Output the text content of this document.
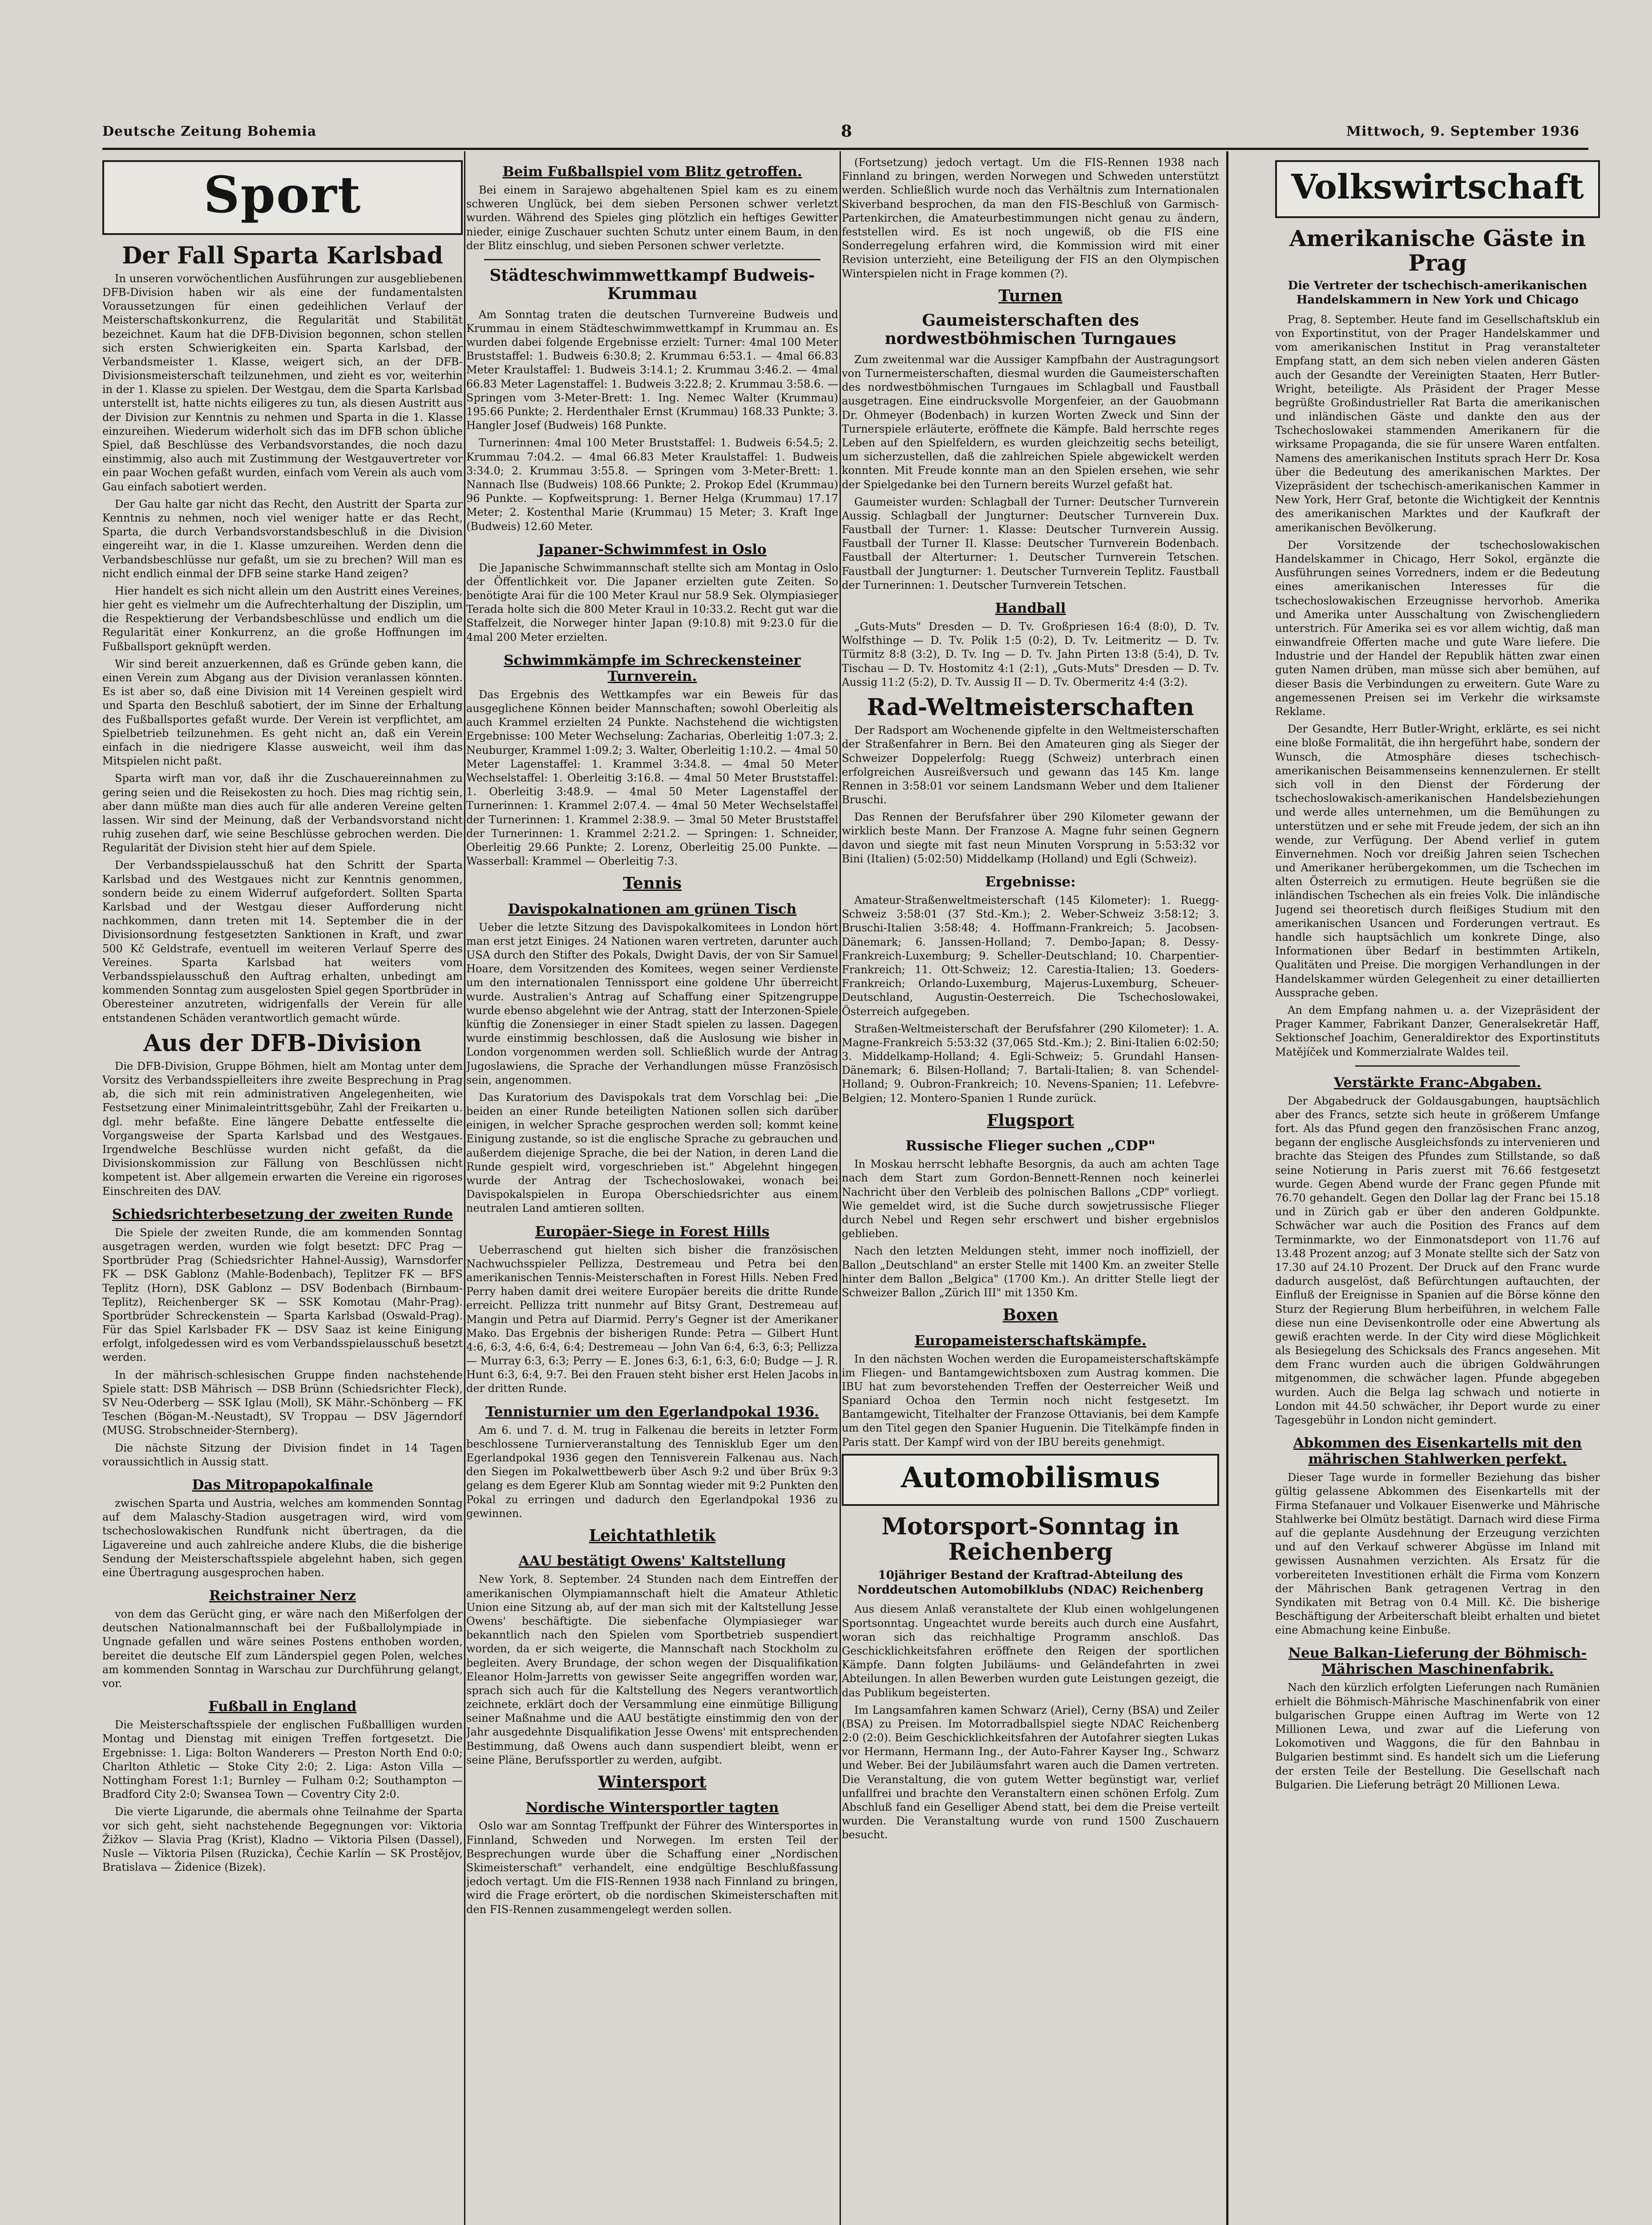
Deutsche Zeitung Bohemia	8	Mittwoch, 9. September 1936
Sport
Der Fall Sparta Karlsbad

In unseren vorwöchentlichen Ausführungen zur ausgebliebenen DFB-Division haben wir als eine der fundamentalsten Voraussetzungen für einen gedeihlichen Verlauf der Meisterschaftskonkurrenz, die Regularität und Stabilität bezeichnet. Kaum hat die DFB-Division begonnen, schon stellen sich ersten Schwierigkeiten ein. Sparta Karlsbad, der Verbandsmeister 1. Klasse, weigert sich, an der DFB-Divisionsmeisterschaft teilzunehmen, und zieht es vor, weiterhin in der 1. Klasse zu spielen. Der Westgau, dem die Sparta Karlsbad unterstellt ist, hatte nichts eiligeres zu tun, als diesen Austritt aus der Division zur Kenntnis zu nehmen und Sparta in die 1. Klasse einzureihen. Wiederum widerholt sich das im DFB schon übliche Spiel, daß Beschlüsse des Verbandsvorstandes, die noch dazu einstimmig, also auch mit Zustimmung der Westgauvertreter vor ein paar Wochen gefaßt wurden, einfach vom Verein als auch vom Gau einfach sabotiert werden.

Der Gau halte gar nicht das Recht, den Austritt der Sparta zur Kenntnis zu nehmen, noch viel weniger hatte er das Recht, Sparta, die durch Verbandsvorstandsbeschluß in die Division eingereiht war, in die 1. Klasse umzureihen. Werden denn die Verbandsbeschlüsse nur gefaßt, um sie zu brechen? Will man es nicht endlich einmal der DFB seine starke Hand zeigen?

Hier handelt es sich nicht allein um den Austritt eines Vereines, hier geht es vielmehr um die Aufrechterhaltung der Disziplin, um die Respektierung der Verbandsbeschlüsse und endlich um die Regularität einer Konkurrenz, an die große Hoffnungen im Fußballsport geknüpft werden.

Wir sind bereit anzuerkennen, daß es Gründe geben kann, die einen Verein zum Abgang aus der Division veranlassen könnten. Es ist aber so, daß eine Division mit 14 Vereinen gespielt wird und Sparta den Beschluß sabotiert, der im Sinne der Erhaltung des Fußballsportes gefaßt wurde. Der Verein ist verpflichtet, am Spielbetrieb teilzunehmen. Es geht nicht an, daß ein Verein einfach in die niedrigere Klasse ausweicht, weil ihm das Mitspielen nicht paßt.

Sparta wirft man vor, daß ihr die Zuschauereinnahmen zu gering seien und die Reisekosten zu hoch. Dies mag richtig sein, aber dann müßte man dies auch für alle anderen Vereine gelten lassen. Wir sind der Meinung, daß der Verbandsvorstand nicht ruhig zusehen darf, wie seine Beschlüsse gebrochen werden. Die Regularität der Division steht hier auf dem Spiele.

Der Verbandsspielausschuß hat den Schritt der Sparta Karlsbad und des Westgaues nicht zur Kenntnis genommen, sondern beide zu einem Widerruf aufgefordert. Sollten Sparta Karlsbad und der Westgau dieser Aufforderung nicht nachkommen, dann treten mit 14. September die in der Divisionsordnung festgesetzten Sanktionen in Kraft, und zwar 500 Kč Geldstrafe, eventuell im weiteren Verlauf Sperre des Vereines. Sparta Karlsbad hat weiters vom Verbandsspielausschuß den Auftrag erhalten, unbedingt am kommenden Sonntag zum ausgelosten Spiel gegen Sportbrüder in Oberesteiner anzutreten, widrigenfalls der Verein für alle entstandenen Schäden verantwortlich gemacht würde.

Aus der DFB-Division

Die DFB-Division, Gruppe Böhmen, hielt am Montag unter dem Vorsitz des Verbandsspielleiters ihre zweite Besprechung in Prag ab, die sich mit rein administrativen Angelegenheiten, wie Festsetzung einer Minimaleintrittsgebühr, Zahl der Freikarten u. dgl. mehr befaßte. Eine längere Debatte entfesselte die Vorgangsweise der Sparta Karlsbad und des Westgaues. Irgendwelche Beschlüsse wurden nicht gefaßt, da die Divisionskommission zur Fällung von Beschlüssen nicht kompetent ist. Aber allgemein erwarten die Vereine ein rigoroses Einschreiten des DAV.

Schiedsrichterbesetzung der zweiten Runde

Die Spiele der zweiten Runde, die am kommenden Sonntag ausgetragen werden, wurden wie folgt besetzt: DFC Prag — Sportbrüder Prag (Schiedsrichter Hahnel-Aussig), Warnsdorfer FK — DSK Gablonz (Mahle-Bodenbach), Teplitzer FK — BFS Teplitz (Horn), DSK Gablonz — DSV Bodenbach (Birnbaum-Teplitz), Reichenberger SK — SSK Komotau (Mahr-Prag). Sportbrüder Schreckenstein — Sparta Karlsbad (Oswald-Prag). Für das Spiel Karlsbader FK — DSV Saaz ist keine Einigung erfolgt, infolgedessen wird es vom Verbandsspielausschuß besetzt werden.

In der mährisch-schlesischen Gruppe finden nachstehende Spiele statt: DSB Mährisch — DSB Brünn (Schiedsrichter Fleck), SV Neu-Oderberg — SSK Iglau (Moll), SK Mähr.-Schönberg — FK Teschen (Bögan-M.-Neustadt), SV Troppau — DSV Jägerndorf (MUSG. Strobschneider-Sternberg).

Die nächste Sitzung der Division findet in 14 Tagen voraussichtlich in Aussig statt.

Das Mitropapokalfinale

zwischen Sparta und Austria, welches am kommenden Sonntag auf dem Malaschy-Stadion ausgetragen wird, wird vom tschechoslowakischen Rundfunk nicht übertragen, da die Ligavereine und auch zahlreiche andere Klubs, die die bisherige Sendung der Meisterschaftsspiele abgelehnt haben, sich gegen eine Übertragung ausgesprochen haben.

Reichstrainer Nerz

von dem das Gerücht ging, er wäre nach den Mißerfolgen der deutschen Nationalmannschaft bei der Fußballolympiade in Ungnade gefallen und wäre seines Postens enthoben worden, bereitet die deutsche Elf zum Länderspiel gegen Polen, welches am kommenden Sonntag in Warschau zur Durchführung gelangt, vor.

Fußball in England

Die Meisterschaftsspiele der englischen Fußballligen wurden Montag und Dienstag mit einigen Treffen fortgesetzt. Die Ergebnisse: 1. Liga: Bolton Wanderers — Preston North End 0:0; Charlton Athletic — Stoke City 2:0; 2. Liga: Aston Villa — Nottingham Forest 1:1; Burnley — Fulham 0:2; Southampton — Bradford City 2:0; Swansea Town — Coventry City 2:0.

Die vierte Ligarunde, die abermals ohne Teilnahme der Sparta vor sich geht, sieht nachstehende Begegnungen vor: Viktoria Žižkov — Slavia Prag (Krist), Kladno — Viktoria Pilsen (Dassel), Nusle — Viktoria Pilsen (Ruzicka), Čechie Karlín — SK Prostějov, Bratislava — Židenice (Bizek).

Beim Fußballspiel vom Blitz getroffen.

Bei einem in Sarajewo abgehaltenen Spiel kam es zu einem schweren Unglück, bei dem sieben Personen schwer verletzt wurden. Während des Spieles ging plötzlich ein heftiges Gewitter nieder, einige Zuschauer suchten Schutz unter einem Baum, in den der Blitz einschlug, und sieben Personen schwer verletzte.

Städteschwimmwettkampf Budweis-Krummau

Am Sonntag traten die deutschen Turnvereine Budweis und Krummau in einem Städteschwimmwettkampf in Krummau an. Es wurden dabei folgende Ergebnisse erzielt: Turner: 4mal 100 Meter Bruststaffel: 1. Budweis 6:30.8; 2. Krummau 6:53.1. — 4mal 66.83 Meter Kraulstaffel: 1. Budweis 3:14.1; 2. Krummau 3:46.2. — 4mal 66.83 Meter Lagenstaffel: 1. Budweis 3:22.8; 2. Krummau 3:58.6. — Springen vom 3-Meter-Brett: 1. Ing. Nemec Walter (Krummau) 195.66 Punkte; 2. Herdenthaler Ernst (Krummau) 168.33 Punkte; 3. Hangler Josef (Budweis) 168 Punkte.

Turnerinnen: 4mal 100 Meter Bruststaffel: 1. Budweis 6:54.5; 2. Krummau 7:04.2. — 4mal 66.83 Meter Kraulstaffel: 1. Budweis 3:34.0; 2. Krummau 3:55.8. — Springen vom 3-Meter-Brett: 1. Nannach Ilse (Budweis) 108.66 Punkte; 2. Prokop Edel (Krummau) 96 Punkte. — Kopfweitsprung: 1. Berner Helga (Krummau) 17.17 Meter; 2. Kostenthal Marie (Krummau) 15 Meter; 3. Kraft Inge (Budweis) 12.60 Meter.

Japaner-Schwimmfest in Oslo

Die Japanische Schwimmannschaft stellte sich am Montag in Oslo der Öffentlichkeit vor. Die Japaner erzielten gute Zeiten. So benötigte Arai für die 100 Meter Kraul nur 58.9 Sek. Olympiasieger Terada holte sich die 800 Meter Kraul in 10:33.2. Recht gut war die Staffelzeit, die Norweger hinter Japan (9:10.8) mit 9:23.0 für die 4mal 200 Meter erzielten.

Schwimmkämpfe im Schreckensteiner Turnverein.

Das Ergebnis des Wettkampfes war ein Beweis für das ausgeglichene Können beider Mannschaften; sowohl Oberleitig als auch Krammel erzielten 24 Punkte. Nachstehend die wichtigsten Ergebnisse: 100 Meter Wechselung: Zacharias, Oberleitig 1:07.3; 2. Neuburger, Krammel 1:09.2; 3. Walter, Oberleitig 1:10.2. — 4mal 50 Meter Lagenstaffel: 1. Krammel 3:34.8. — 4mal 50 Meter Wechselstaffel: 1. Oberleitig 3:16.8. — 4mal 50 Meter Bruststaffel: 1. Oberleitig 3:48.9. — 4mal 50 Meter Lagenstaffel der Turnerinnen: 1. Krammel 2:07.4. — 4mal 50 Meter Wechselstaffel der Turnerinnen: 1. Krammel 2:38.9. — 3mal 50 Meter Bruststaffel der Turnerinnen: 1. Krammel 2:21.2. — Springen: 1. Schneider, Oberleitig 29.66 Punkte; 2. Lorenz, Oberleitig 25.00 Punkte. — Wasserball: Krammel — Oberleitig 7:3.

Tennis
Davispokalnationen am grünen Tisch

Ueber die letzte Sitzung des Davispokalkomitees in London hört man erst jetzt Einiges. 24 Nationen waren vertreten, darunter auch USA durch den Stifter des Pokals, Dwight Davis, der von Sir Samuel Hoare, dem Vorsitzenden des Komitees, wegen seiner Verdienste um den internationalen Tennissport eine goldene Uhr überreicht wurde. Australien's Antrag auf Schaffung einer Spitzengruppe wurde ebenso abgelehnt wie der Antrag, statt der Interzonen-Spiele künftig die Zonensieger in einer Stadt spielen zu lassen. Dagegen wurde einstimmig beschlossen, daß die Auslosung wie bisher in London vorgenommen werden soll. Schließlich wurde der Antrag Jugoslawiens, die Sprache der Verhandlungen müsse Französisch sein, angenommen.

Das Kuratorium des Davispokals trat dem Vorschlag bei: „Die beiden an einer Runde beteiligten Nationen sollen sich darüber einigen, in welcher Sprache gesprochen werden soll; kommt keine Einigung zustande, so ist die englische Sprache zu gebrauchen und außerdem diejenige Sprache, die bei der Nation, in deren Land die Runde gespielt wird, vorgeschrieben ist." Abgelehnt hingegen wurde der Antrag der Tschechoslowakei, wonach bei Davispokalspielen in Europa Oberschiedsrichter aus einem neutralen Land amtieren sollten.

Europäer-Siege in Forest Hills

Ueberraschend gut hielten sich bisher die französischen Nachwuchsspieler Pellizza, Destremeau und Petra bei den amerikanischen Tennis-Meisterschaften in Forest Hills. Neben Fred Perry haben damit drei weitere Europäer bereits die dritte Runde erreicht. Pellizza tritt nunmehr auf Bitsy Grant, Destremeau auf Mangin und Petra auf Diarmid. Perry's Gegner ist der Amerikaner Mako. Das Ergebnis der bisherigen Runde: Petra — Gilbert Hunt 4:6, 6:3, 4:6, 6:4, 6:4; Destremeau — John Van 6:4, 6:3, 6:3; Pellizza — Murray 6:3, 6:3; Perry — E. Jones 6:3, 6:1, 6:3, 6:0; Budge — J. R. Hunt 6:3, 6:4, 9:7. Bei den Frauen steht bisher erst Helen Jacobs in der dritten Runde.

Tennisturnier um den Egerlandpokal 1936.

Am 6. und 7. d. M. trug in Falkenau die bereits in letzter Form beschlossene Turnierveranstaltung des Tennisklub Eger um den Egerlandpokal 1936 gegen den Tennisverein Falkenau aus. Nach den Siegen im Pokalwettbewerb über Asch 9:2 und über Brüx 9:3 gelang es dem Egerer Klub am Sonntag wieder mit 9:2 Punkten den Pokal zu erringen und dadurch den Egerlandpokal 1936 zu gewinnen.

Leichtathletik
AAU bestätigt Owens' Kaltstellung

New York, 8. September. 24 Stunden nach dem Eintreffen der amerikanischen Olympiamannschaft hielt die Amateur Athletic Union eine Sitzung ab, auf der man sich mit der Kaltstellung Jesse Owens' beschäftigte. Die siebenfache Olympiasieger war bekanntlich nach den Spielen vom Sportbetrieb suspendiert worden, da er sich weigerte, die Mannschaft nach Stockholm zu begleiten. Avery Brundage, der schon wegen der Disqualifikation Eleanor Holm-Jarretts von gewisser Seite angegriffen worden war, sprach sich auch für die Kaltstellung des Negers verantwortlich zeichnete, erklärt doch der Versammlung eine einmütige Billigung seiner Maßnahme und die AAU bestätigte einstimmig den von der Jahr ausgedehnte Disqualifikation Jesse Owens' mit entsprechenden Bestimmung, daß Owens auch dann suspendiert bleibt, wenn er seine Pläne, Berufssportler zu werden, aufgibt.

Wintersport
Nordische Wintersportler tagten

Oslo war am Sonntag Treffpunkt der Führer des Wintersportes in Finnland, Schweden und Norwegen. Im ersten Teil der Besprechungen wurde über die Schaffung einer „Nordischen Skimeisterschaft" verhandelt, eine endgültige Beschlußfassung jedoch vertagt. Um die FIS-Rennen 1938 nach Finnland zu bringen, wird die Frage erörtert, ob die nordischen Skimeisterschaften mit den FIS-Rennen zusammengelegt werden sollen.

(Fortsetzung) jedoch vertagt. Um die FIS-Rennen 1938 nach Finnland zu bringen, werden Norwegen und Schweden unterstützt werden. Schließlich wurde noch das Verhältnis zum Internationalen Skiverband besprochen, da man den FIS-Beschluß von Garmisch-Partenkirchen, die Amateurbestimmungen nicht genau zu ändern, feststellen wird. Es ist noch ungewiß, ob die FIS eine Sonderregelung erfahren wird, die Kommission wird mit einer Revision unterzieht, eine Beteiligung der FIS an den Olympischen Winterspielen nicht in Frage kommen (?).

Turnen
Gaumeisterschaften des nordwestböhmischen Turngaues

Zum zweitenmal war die Aussiger Kampfbahn der Austragungsort von Turnermeisterschaften, diesmal wurden die Gaumeisterschaften des nordwestböhmischen Turngaues im Schlagball und Faustball ausgetragen. Eine eindrucksvolle Morgenfeier, an der Gauobmann Dr. Ohmeyer (Bodenbach) in kurzen Worten Zweck und Sinn der Turnerspiele erläuterte, eröffnete die Kämpfe. Bald herrschte reges Leben auf den Spielfeldern, es wurden gleichzeitig sechs beteiligt, um sicherzustellen, daß die zahlreichen Spiele abgewickelt werden konnten. Mit Freude konnte man an den Spielen ersehen, wie sehr der Spielgedanke bei den Turnern bereits Wurzel gefaßt hat.

Gaumeister wurden: Schlagball der Turner: Deutscher Turnverein Aussig. Schlagball der Jungturner: Deutscher Turnverein Dux. Faustball der Turner: 1. Klasse: Deutscher Turnverein Aussig. Faustball der Turner II. Klasse: Deutscher Turnverein Bodenbach. Faustball der Alterturner: 1. Deutscher Turnverein Tetschen. Faustball der Jungturner: 1. Deutscher Turnverein Teplitz. Faustball der Turnerinnen: 1. Deutscher Turnverein Tetschen.

Handball

„Guts-Muts" Dresden — D. Tv. Großpriesen 16:4 (8:0), D. Tv. Wolfsthinge — D. Tv. Polik 1:5 (0:2), D. Tv. Leitmeritz — D. Tv. Türmitz 8:8 (3:2), D. Tv. Ing — D. Tv. Jahn Pirten 13:8 (5:4), D. Tv. Tischau — D. Tv. Hostomitz 4:1 (2:1), „Guts-Muts" Dresden — D. Tv. Aussig 11:2 (5:2), D. Tv. Aussig II — D. Tv. Obermeritz 4:4 (3:2).

Rad-Weltmeisterschaften

Der Radsport am Wochenende gipfelte in den Weltmeisterschaften der Straßenfahrer in Bern. Bei den Amateuren ging als Sieger der Schweizer Doppelerfolg: Ruegg (Schweiz) unterbrach einen erfolgreichen Ausreißversuch und gewann das 145 Km. lange Rennen in 3:58:01 vor seinem Landsmann Weber und dem Italiener Bruschi.

Das Rennen der Berufsfahrer über 290 Kilometer gewann der wirklich beste Mann. Der Franzose A. Magne fuhr seinen Gegnern davon und siegte mit fast neun Minuten Vorsprung in 5:53:32 vor Bini (Italien) (5:02:50) Middelkamp (Holland) und Egli (Schweiz).

Ergebnisse:

Amateur-Straßenweltmeisterschaft (145 Kilometer): 1. Ruegg-Schweiz 3:58:01 (37 Std.-Km.); 2. Weber-Schweiz 3:58:12; 3. Bruschi-Italien 3:58:48; 4. Hoffmann-Frankreich; 5. Jacobsen-Dänemark; 6. Janssen-Holland; 7. Dembo-Japan; 8. Dessy-Frankreich-Luxemburg; 9. Scheller-Deutschland; 10. Charpentier-Frankreich; 11. Ott-Schweiz; 12. Carestia-Italien; 13. Goeders-Frankreich; Orlando-Luxemburg, Majerus-Luxemburg, Scheuer-Deutschland, Augustin-Oesterreich. Die Tschechoslowakei, Österreich aufgegeben.

Straßen-Weltmeisterschaft der Berufsfahrer (290 Kilometer): 1. A. Magne-Frankreich 5:53:32 (37,065 Std.-Km.); 2. Bini-Italien 6:02:50; 3. Middelkamp-Holland; 4. Egli-Schweiz; 5. Grundahl Hansen-Dänemark; 6. Bilsen-Holland; 7. Bartali-Italien; 8. van Schendel-Holland; 9. Oubron-Frankreich; 10. Nevens-Spanien; 11. Lefebvre-Belgien; 12. Montero-Spanien 1 Runde zurück.

Flugsport
Russische Flieger suchen „CDP"

In Moskau herrscht lebhafte Besorgnis, da auch am achten Tage nach dem Start zum Gordon-Bennett-Rennen noch keinerlei Nachricht über den Verbleib des polnischen Ballons „CDP" vorliegt. Wie gemeldet wird, ist die Suche durch sowjetrussische Flieger durch Nebel und Regen sehr erschwert und bisher ergebnislos geblieben.

Nach den letzten Meldungen steht, immer noch inoffiziell, der Ballon „Deutschland" an erster Stelle mit 1400 Km. an zweiter Stelle hinter dem Ballon „Belgica" (1700 Km.). An dritter Stelle liegt der Schweizer Ballon „Zürich III" mit 1350 Km.

Boxen
Europameisterschaftskämpfe.

In den nächsten Wochen werden die Europameisterschaftskämpfe im Fliegen- und Bantamgewichtsboxen zum Austrag kommen. Die IBU hat zum bevorstehenden Treffen der Oesterreicher Weiß und Spaniard Ochoa den Termin noch nicht festgesetzt. Im Bantamgewicht, Titelhalter der Franzose Ottavianis, bei dem Kampfe um den Titel gegen den Spanier Huguenin. Die Titelkämpfe finden in Paris statt. Der Kampf wird von der IBU bereits genehmigt.

Automobilismus
Motorsport-Sonntag in Reichenberg
10jähriger Bestand der Kraftrad-Abteilung des Norddeutschen Automobilklubs (NDAC) Reichenberg

Aus diesem Anlaß veranstaltete der Klub einen wohlgelungenen Sportsonntag. Ungeachtet wurde bereits auch durch eine Ausfahrt, woran sich das reichhaltige Programm anschloß. Das Geschicklichkeitsfahren eröffnete den Reigen der sportlichen Kämpfe. Dann folgten Jubiläums- und Geländefahrten in zwei Abteilungen. In allen Bewerben wurden gute Leistungen gezeigt, die das Publikum begeisterten.

Im Langsamfahren kamen Schwarz (Ariel), Cerny (BSA) und Zeiler (BSA) zu Preisen. Im Motorradballspiel siegte NDAC Reichenberg 2:0 (2:0). Beim Geschicklichkeitsfahren der Autofahrer siegten Lukas vor Hermann, Hermann Ing., der Auto-Fahrer Kayser Ing., Schwarz und Weber. Bei der Jubiläumsfahrt waren auch die Damen vertreten. Die Veranstaltung, die von gutem Wetter begünstigt war, verlief unfallfrei und brachte den Veranstaltern einen schönen Erfolg. Zum Abschluß fand ein Geselliger Abend statt, bei dem die Preise verteilt wurden. Die Veranstaltung wurde von rund 1500 Zuschauern besucht.

Volkswirtschaft
Amerikanische Gäste in Prag
Die Vertreter der tschechisch-amerikanischen Handelskammern in New York und Chicago

Prag, 8. September. Heute fand im Gesellschaftsklub ein von Exportinstitut, von der Prager Handelskammer und vom amerikanischen Institut in Prag veranstalteter Empfang statt, an dem sich neben vielen anderen Gästen auch der Gesandte der Vereinigten Staaten, Herr Butler-Wright, beteiligte. Als Präsident der Prager Messe begrüßte Großindustrieller Rat Barta die amerikanischen und inländischen Gäste und dankte den aus der Tschechoslowakei stammenden Amerikanern für die wirksame Propaganda, die sie für unsere Waren entfalten. Namens des amerikanischen Instituts sprach Herr Dr. Kosa über die Bedeutung des amerikanischen Marktes. Der Vizepräsident der tschechisch-amerikanischen Kammer in New York, Herr Graf, betonte die Wichtigkeit der Kenntnis des amerikanischen Marktes und der Kaufkraft der amerikanischen Bevölkerung.

Der Vorsitzende der tschechoslowakischen Handelskammer in Chicago, Herr Sokol, ergänzte die Ausführungen seines Vorredners, indem er die Bedeutung eines amerikanischen Interesses für die tschechoslowakischen Erzeugnisse hervorhob. Amerika und Amerika unter Ausschaltung von Zwischengliedern unterstrich. Für Amerika sei es vor allem wichtig, daß man einwandfreie Offerten mache und gute Ware liefere. Die Industrie und der Handel der Republik hätten zwar einen guten Namen drüben, man müsse sich aber bemühen, auf dieser Basis die Verbindungen zu erweitern. Gute Ware zu angemessenen Preisen sei im Verkehr die wirksamste Reklame.

Der Gesandte, Herr Butler-Wright, erklärte, es sei nicht eine bloße Formalität, die ihn hergeführt habe, sondern der Wunsch, die Atmosphäre dieses tschechisch-amerikanischen Beisammenseins kennenzulernen. Er stellt sich voll in den Dienst der Förderung der tschechoslowakisch-amerikanischen Handelsbeziehungen und werde alles unternehmen, um die Bemühungen zu unterstützen und er sehe mit Freude jedem, der sich an ihn wende, zur Verfügung. Der Abend verlief in gutem Einvernehmen. Noch vor dreißig Jahren seien Tschechen und Amerikaner herübergekommen, um die Tschechen im alten Österreich zu ermutigen. Heute begrüßen sie die inländischen Tschechen als ein freies Volk. Die inländische Jugend sei theoretisch durch fleißiges Studium mit den amerikanischen Usancen und Forderungen vertraut. Es handle sich hauptsächlich um konkrete Dinge, also Informationen über Bedarf in bestimmten Artikeln, Qualitäten und Preise. Die morgigen Verhandlungen in der Handelskammer würden Gelegenheit zu einer detaillierten Aussprache geben.

An dem Empfang nahmen u. a. der Vizepräsident der Prager Kammer, Fabrikant Danzer, Generalsekretär Haff, Sektionschef Joachim, Generaldirektor des Exportinstituts Matějíček und Kommerzialrate Waldes teil.

Verstärkte Franc-Abgaben.

Der Abgabedruck der Goldausgabungen, hauptsächlich aber des Francs, setzte sich heute in größerem Umfange fort. Als das Pfund gegen den französischen Franc anzog, begann der englische Ausgleichsfonds zu intervenieren und brachte das Steigen des Pfundes zum Stillstande, so daß seine Notierung in Paris zuerst mit 76.66 festgesetzt wurde. Gegen Abend wurde der Franc gegen Pfunde mit 76.70 gehandelt. Gegen den Dollar lag der Franc bei 15.18 und in Zürich gab er über den anderen Goldpunkte. Schwächer war auch die Position des Francs auf dem Terminmarkte, wo der Einmonatsdeport von 11.76 auf 13.48 Prozent anzog; auf 3 Monate stellte sich der Satz von 17.30 auf 24.10 Prozent. Der Druck auf den Franc wurde dadurch ausgelöst, daß Befürchtungen auftauchten, der Einfluß der Ereignisse in Spanien auf die Börse könne den Sturz der Regierung Blum herbeiführen, in welchem Falle diese nun eine Devisenkontrolle oder eine Abwertung als gewiß erachten werde. In der City wird diese Möglichkeit als Besiegelung des Schicksals des Francs angesehen. Mit dem Franc wurden auch die übrigen Goldwährungen mitgenommen, die schwächer lagen. Pfunde abgegeben wurden. Auch die Belga lag schwach und notierte in London mit 44.50 schwächer, ihr Deport wurde zu einer Tagesgebühr in London nicht gemindert.

Abkommen des Eisenkartells mit den mährischen Stahlwerken perfekt.

Dieser Tage wurde in formeller Beziehung das bisher gültig gelassene Abkommen des Eisenkartells mit der Firma Stefanauer und Volkauer Eisenwerke und Mährische Stahlwerke bei Olmütz bestätigt. Darnach wird diese Firma auf die geplante Ausdehnung der Erzeugung verzichten und auf den Verkauf schwerer Abgüsse im Inland mit gewissen Ausnahmen verzichten. Als Ersatz für die vorbereiteten Investitionen erhält die Firma vom Konzern der Mährischen Bank getragenen Vertrag in den Syndikaten mit Betrag von 0.4 Mill. Kč. Die bisherige Beschäftigung der Arbeiterschaft bleibt erhalten und bietet eine Abmachung keine Einbuße.

Neue Balkan-Lieferung der Böhmisch-Mährischen Maschinenfabrik.

Nach den kürzlich erfolgten Lieferungen nach Rumänien erhielt die Böhmisch-Mährische Maschinenfabrik von einer bulgarischen Gruppe einen Auftrag im Werte von 12 Millionen Lewa, und zwar auf die Lieferung von Lokomotiven und Waggons, die für den Bahnbau in Bulgarien bestimmt sind. Es handelt sich um die Lieferung der ersten Teile der Bestellung. Die Gesellschaft nach Bulgarien. Die Lieferung beträgt 20 Millionen Lewa.
